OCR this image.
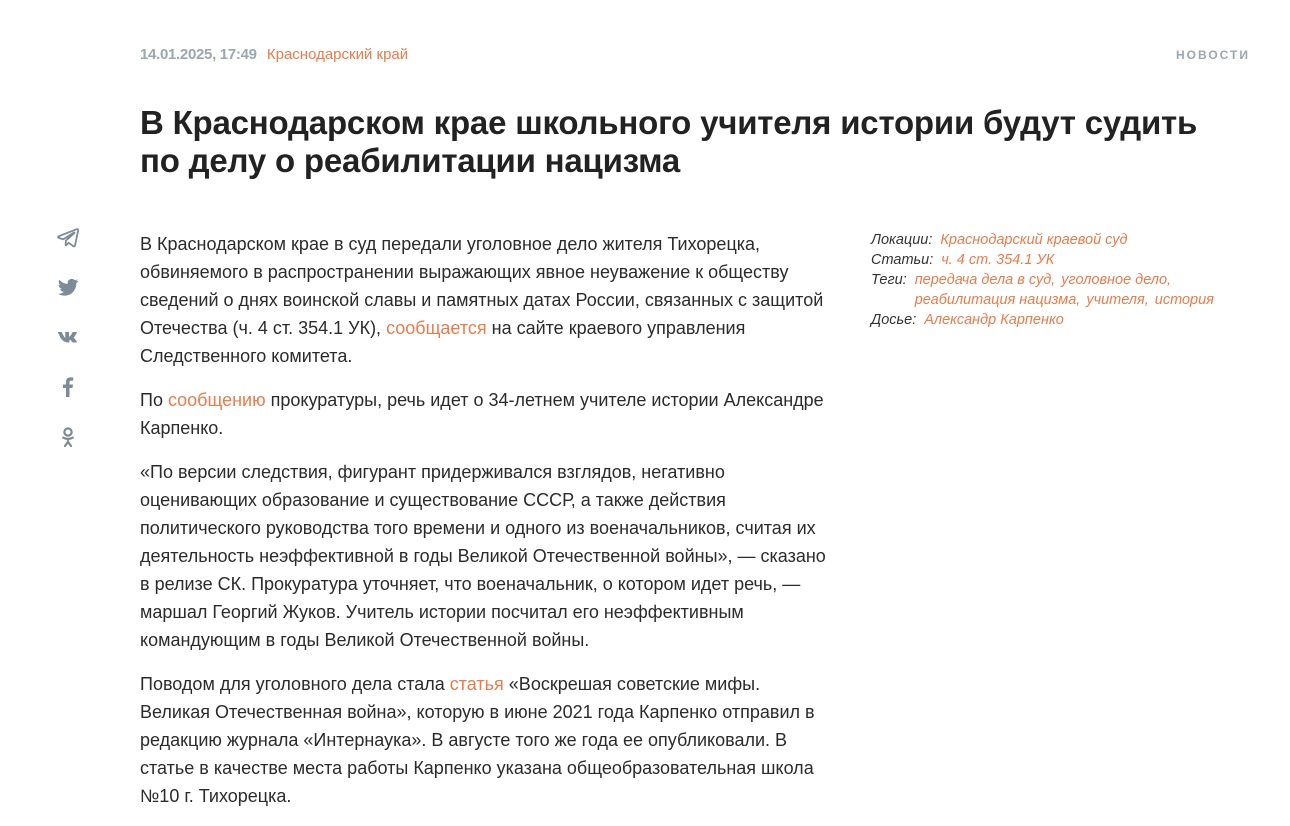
14.01.2025, 17:49 Краснодарский край	НОВОСТИ
В Краснодарском крае школьного учителя истории будут судить по делу о реабилитации нацизма

В Краснодарском крае в суд передали уголовное дело жителя Тихорецка, обвиняемого в распространении выражающих явное неуважение к обществу сведений о днях воинской славы и памятных датах России, связанных с защитой Отечества (ч. 4 ст. 354.1 УК), сообщается на сайте краевого управления Следственного комитета.

По сообщению прокуратуры, речь идет о 34-летнем учителе истории Александре Карпенко.

«По версии следствия, фигурант придерживался взглядов, негативно оценивающих образование и существование СССР, а также действия политического руководства того времени и одного из военачальников, считая их деятельность неэффективной в годы Великой Отечественной войны», — сказано в релизе СК. Прокуратура уточняет, что военачальник, о котором идет речь, — маршал Георгий Жуков. Учитель истории посчитал его неэффективным командующим в годы Великой Отечественной войны.

Поводом для уголовного дела стала статья «Воскрешая советские мифы. Великая Отечественная война», которую в июне 2021 года Карпенко отправил в редакцию журнала «Интернаука». В августе того же года ее опубликовали. В статье в качестве места работы Карпенко указана общеобразовательная школа №10 г. Тихорецка.

Локации: Краснодарский краевой суд
Статьи: ч. 4 ст. 354.1 УК
Теги: передача дела в суд, уголовное дело,
реабилитация нацизма, учителя, история
Досье: Александр Карпенко
